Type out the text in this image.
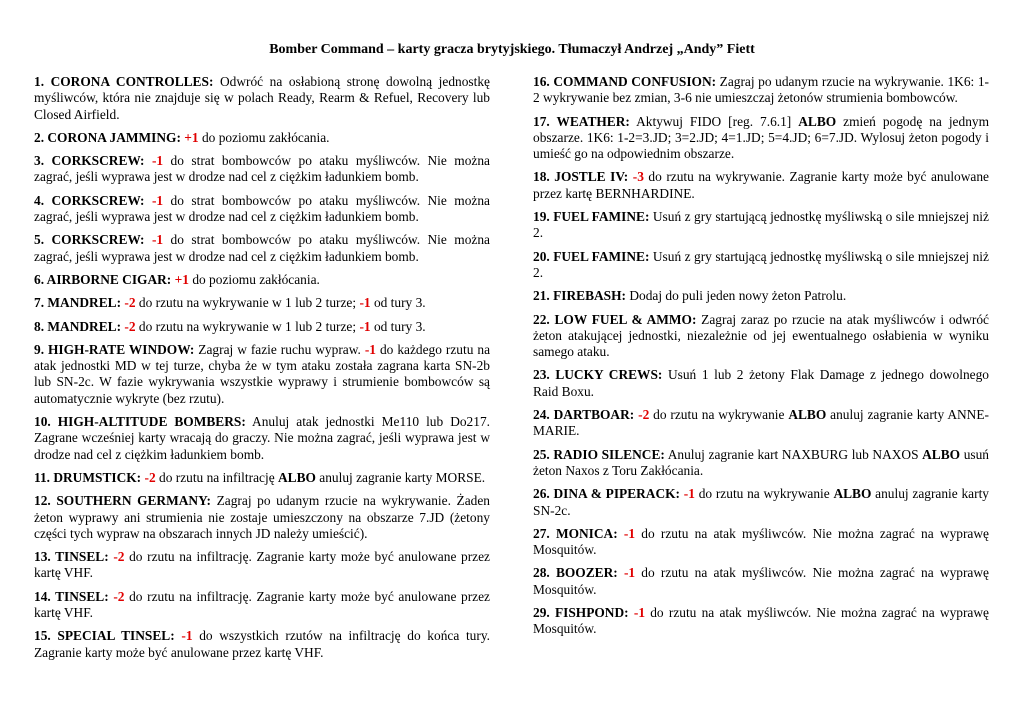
Bomber Command – karty gracza brytyjskiego. Tłumaczył Andrzej „Andy” Fiett

1. CORONA CONTROLLES: Odwróć na osłabioną stronę dowolną jednostkę myśliwców, która nie znajduje się w polach Ready, Rearm & Refuel, Recovery lub Closed Airfield.

2. CORONA JAMMING: +1 do poziomu zakłócania.

3. CORKSCREW: -1 do strat bombowców po ataku myśliwców. Nie można zagrać, jeśli wyprawa jest w drodze nad cel z ciężkim ładunkiem bomb.

4. CORKSCREW: -1 do strat bombowców po ataku myśliwców. Nie można zagrać, jeśli wyprawa jest w drodze nad cel z ciężkim ładunkiem bomb.

5. CORKSCREW: -1 do strat bombowców po ataku myśliwców. Nie można zagrać, jeśli wyprawa jest w drodze nad cel z ciężkim ładunkiem bomb.

6. AIRBORNE CIGAR: +1 do poziomu zakłócania.

7. MANDREL: -2 do rzutu na wykrywanie w 1 lub 2 turze; -1 od tury 3.

8. MANDREL: -2 do rzutu na wykrywanie w 1 lub 2 turze; -1 od tury 3.

9. HIGH-RATE WINDOW: Zagraj w fazie ruchu wypraw. -1 do każdego rzutu na atak jednostki MD w tej turze, chyba że w tym ataku została zagrana karta SN-2b lub SN-2c. W fazie wykrywania wszystkie wyprawy i strumienie bombowców są automatycznie wykryte (bez rzutu).

10. HIGH-ALTITUDE BOMBERS: Anuluj atak jednostki Me110 lub Do217. Zagrane wcześniej karty wracają do graczy. Nie można zagrać, jeśli wyprawa jest w drodze nad cel z ciężkim ładunkiem bomb.

11. DRUMSTICK: -2 do rzutu na infiltrację ALBO anuluj zagranie karty MORSE.

12. SOUTHERN GERMANY: Zagraj po udanym rzucie na wykrywanie. Żaden żeton wyprawy ani strumienia nie zostaje umieszczony na obszarze 7.JD (żetony części tych wypraw na obszarach innych JD należy umieścić).

13. TINSEL: -2 do rzutu na infiltrację. Zagranie karty może być anulowane przez kartę VHF.

14. TINSEL: -2 do rzutu na infiltrację. Zagranie karty może być anulowane przez kartę VHF.

15. SPECIAL TINSEL: -1 do wszystkich rzutów na infiltrację do końca tury. Zagranie karty może być anulowane przez kartę VHF.

16. COMMAND CONFUSION: Zagraj po udanym rzucie na wykrywanie. 1K6: 1-2 wykrywanie bez zmian, 3-6 nie umieszczaj żetonów strumienia bombowców.

17. WEATHER: Aktywuj FIDO [reg. 7.6.1] ALBO zmień pogodę na jednym obszarze. 1K6: 1-2=3.JD; 3=2.JD; 4=1.JD; 5=4.JD; 6=7.JD. Wylosuj żeton pogody i umieść go na odpowiednim obszarze.

18. JOSTLE IV: -3 do rzutu na wykrywanie. Zagranie karty może być anulowane przez kartę BERNHARDINE.

19. FUEL FAMINE: Usuń z gry startującą jednostkę myśliwską o sile mniejszej niż 2.

20. FUEL FAMINE: Usuń z gry startującą jednostkę myśliwską o sile mniejszej niż 2.

21. FIREBASH: Dodaj do puli jeden nowy żeton Patrolu.

22. LOW FUEL & AMMO: Zagraj zaraz po rzucie na atak myśliwców i odwróć żeton atakującej jednostki, niezależnie od jej ewentualnego osłabienia w wyniku samego ataku.

23. LUCKY CREWS: Usuń 1 lub 2 żetony Flak Damage z jednego dowolnego Raid Boxu.

24. DARTBOAR: -2 do rzutu na wykrywanie ALBO anuluj zagranie karty ANNE-MARIE.

25. RADIO SILENCE: Anuluj zagranie kart NAXBURG lub NAXOS ALBO usuń żeton Naxos z Toru Zakłócania.

26. DINA & PIPERACK: -1 do rzutu na wykrywanie ALBO anuluj zagranie karty SN-2c.

27. MONICA: -1 do rzutu na atak myśliwców. Nie można zagrać na wyprawę Mosquitów.

28. BOOZER: -1 do rzutu na atak myśliwców. Nie można zagrać na wyprawę Mosquitów.

29. FISHPOND: -1 do rzutu na atak myśliwców. Nie można zagrać na wyprawę Mosquitów.
